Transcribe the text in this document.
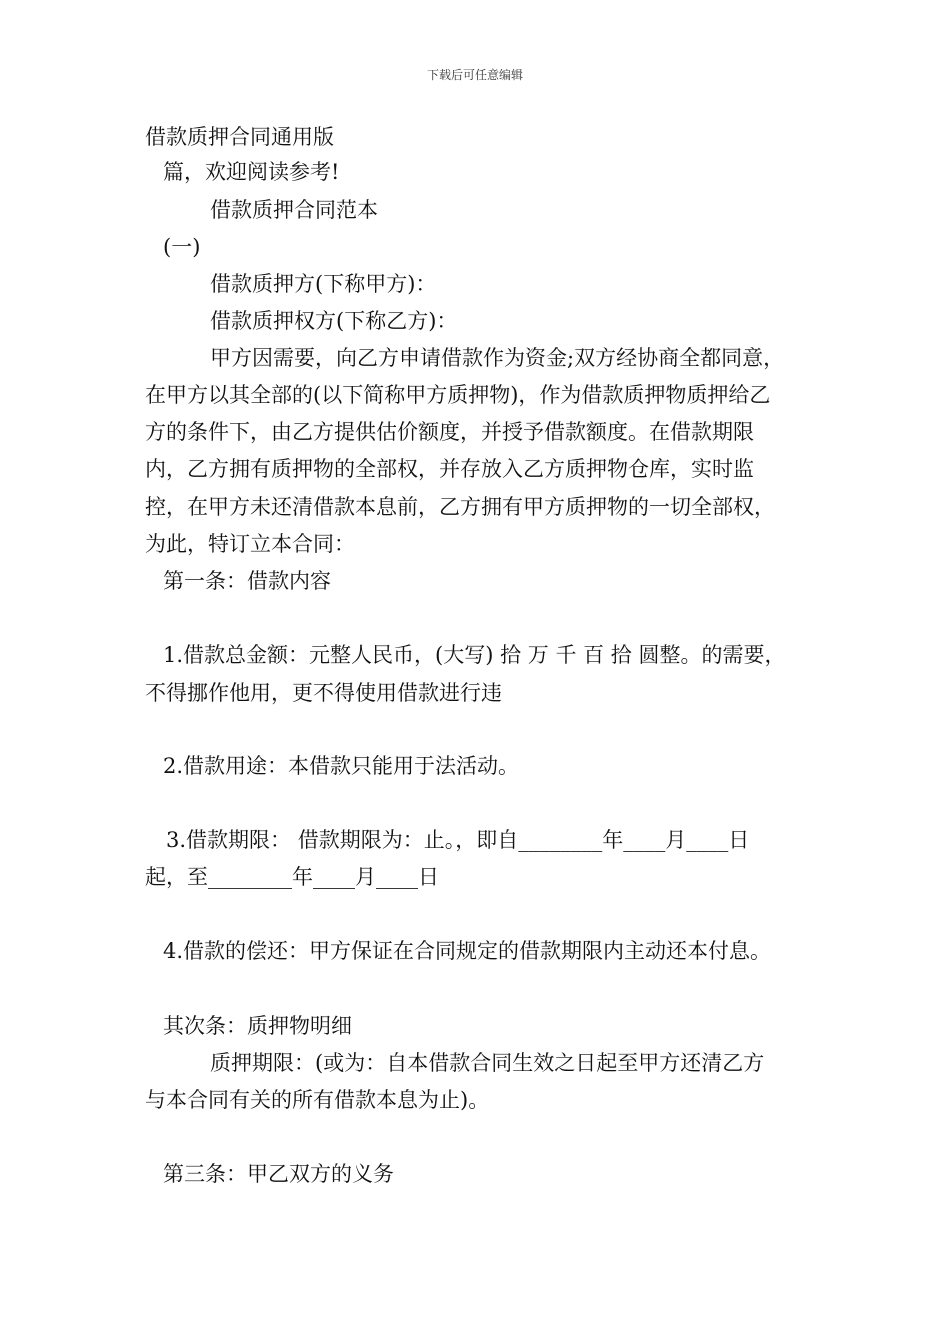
下载后可任意编辑
借款质押合同通用版
篇，欢迎阅读参考!
借款质押合同范本
(一)
借款质押方(下称甲方)：
借款质押权方(下称乙方)：
甲方因需要，向乙方申请借款作为资金;双方经协商全都同意，
在甲方以其全部的(以下简称甲方质押物)，作为借款质押物质押给乙
方的条件下，由乙方提供估价额度，并授予借款额度。在借款期限
内，乙方拥有质押物的全部权，并存放入乙方质押物仓库，实时监
控，在甲方未还清借款本息前，乙方拥有甲方质押物的一切全部权，
为此，特订立本合同：
第一条：借款内容
1.借款总金额：元整人民币，(大写) 拾 万 千 百 拾 圆整。的需要，
不得挪作他用，更不得使用借款进行违
2.借款用途：本借款只能用于法活动。
3.借款期限： 借款期限为：止。，即自________年____月____日
起，至________年____月____日
4.借款的偿还：甲方保证在合同规定的借款期限内主动还本付息。
其次条：质押物明细
质押期限：(或为：自本借款合同生效之日起至甲方还清乙方
与本合同有关的所有借款本息为止)。
第三条：甲乙双方的义务
